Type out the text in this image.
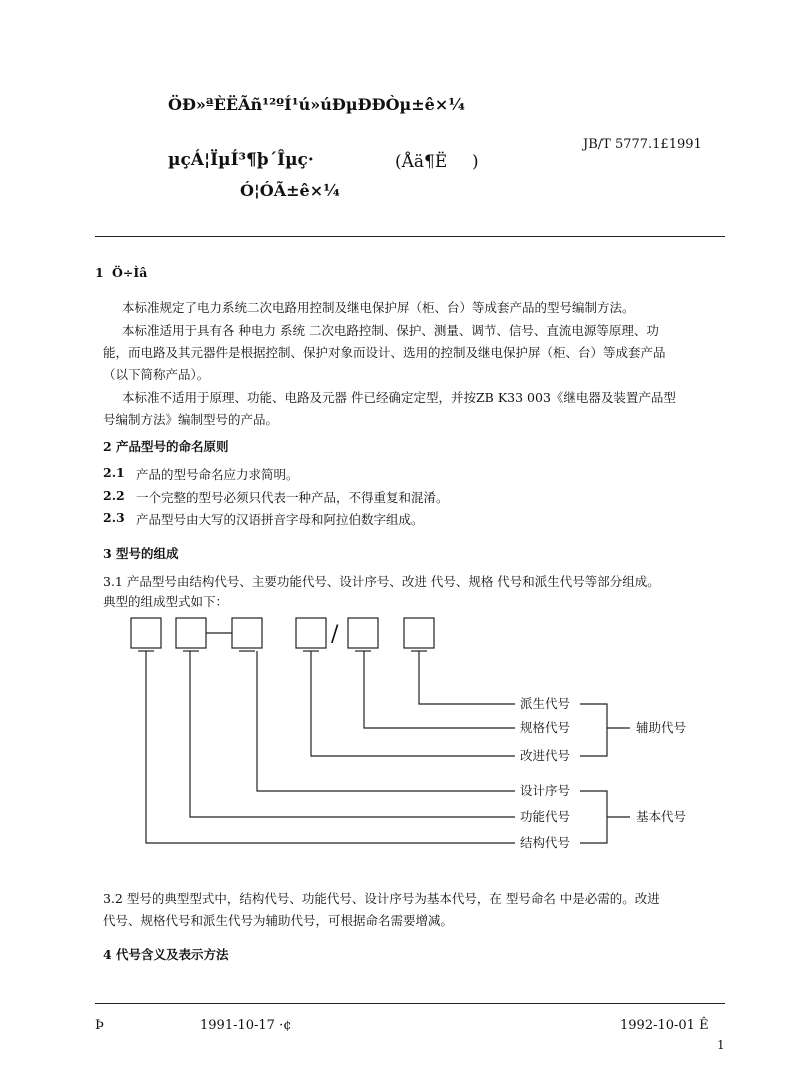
ÖÐ»ªÈËÃñ¹²ºÍ¹ú»úÐµÐÐÒµ±ê×¼
JB/T 5777.1£1991
µçÁ¦ÏµÍ³¶þ´Îµç·
Ó¦ÓÃ±ê×¼
(Åä¶Ë )
1 Ö÷Ìâ
本标准规定了电力系统二次电路用控制及继电保护屏（柜、台）等成套产品的型号编制方法。
本标准适用于具有各 种电力 系统 二次电路控制、保护、测量、调节、信号、直流电源等原理、功
能，而电路及其元器件是根据控制、保护对象而设计、选用的控制及继电保护屏（柜、台）等成套产品
（以下简称产品）。
本标准不适用于原理、功能、电路及元器 件已经确定定型，并按ZB K33 003《继电器及装置产品型
号编制方法》编制型号的产品。
2 产品型号的命名原则
2.1 产品的型号命名应力求简明。
2.2 一个完整的型号必须只代表一种产品，不得重复和混淆。
2.3 产品型号由大写的汉语拼音字母和阿拉伯数字组成。
3 型号的组成
3.1 产品型号由结构代号、主要功能代号、设计序号、改进 代号、规格 代号和派生代号等部分组成。
典型的组成型式如下：
/
派生代号
规格代号
改进代号
设计序号
功能代号
结构代号
辅助代号
基本代号
3.2 型号的典型型式中，结构代号、功能代号、设计序号为基本代号，在 型号命名 中是必需的。改进
代号、规格代号和派生代号为辅助代号，可根据命名需要增减。
4 代号含义及表示方法
Þ	1991-10-17 ·¢	1992-10-01 Ê
1
